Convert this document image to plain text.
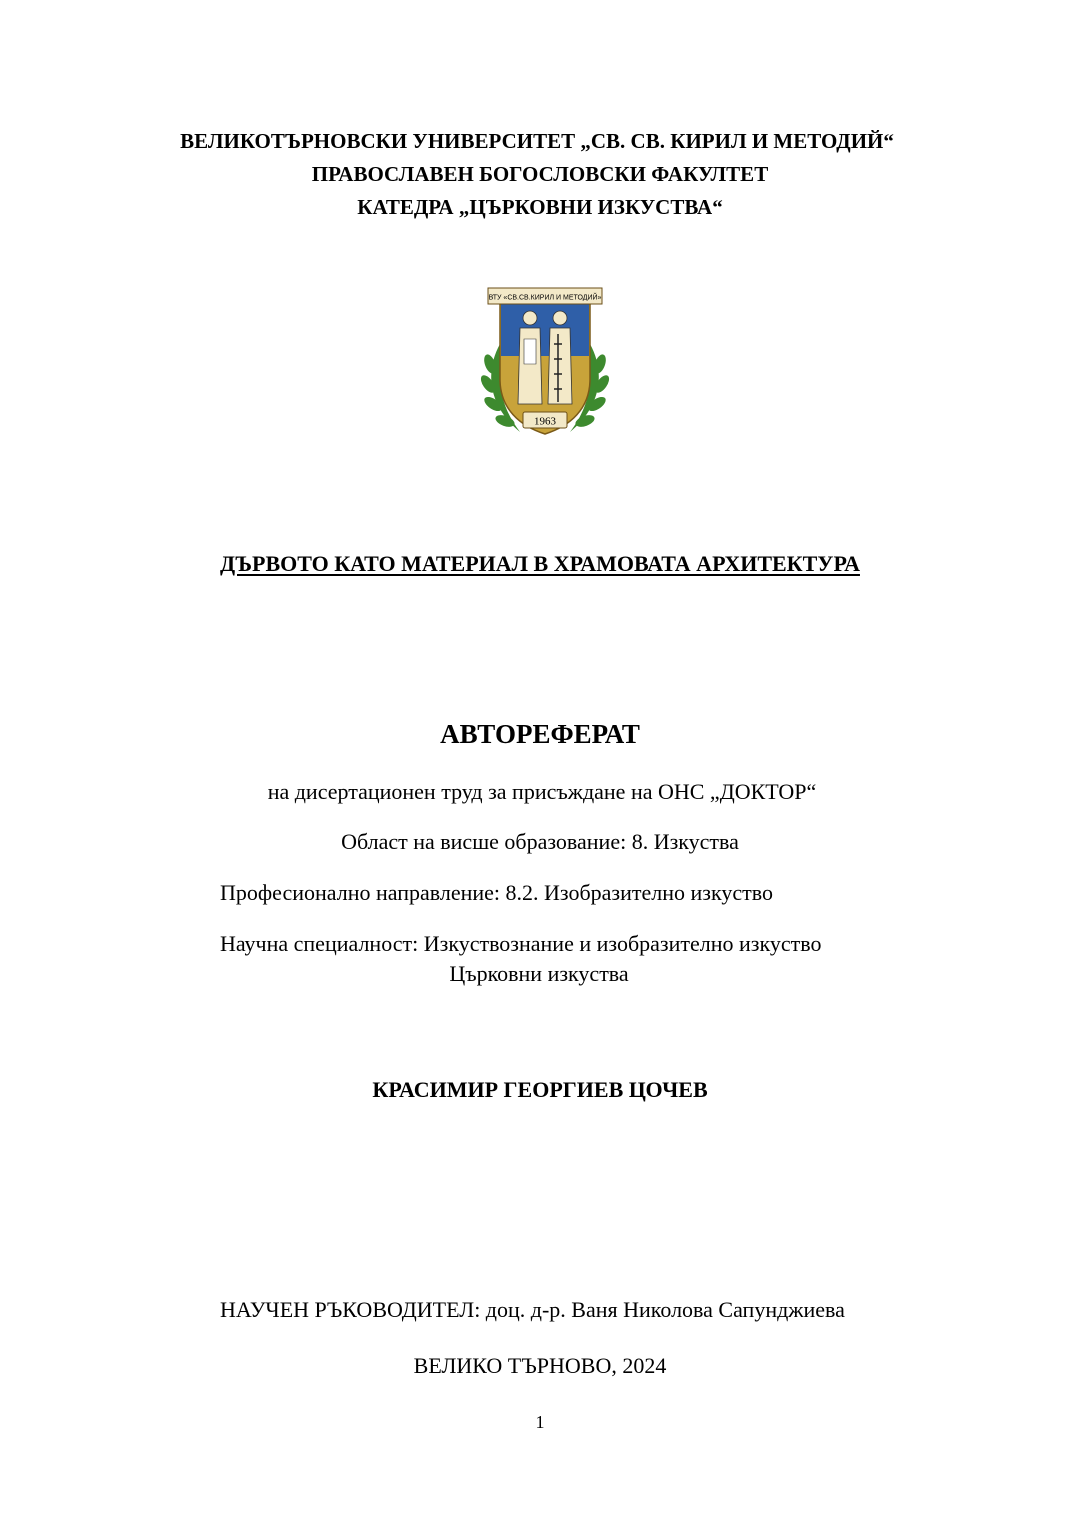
ВЕЛИКОТЪРНОВСКИ УНИВЕРСИТЕТ „СВ. СВ. КИРИЛ И МЕТОДИЙ“
ПРАВОСЛАВЕН БОГОСЛОВСКИ ФАКУЛТЕТ
КАТЕДРА „ЦЪРКОВНИ ИЗКУСТВА“
ВТУ «СВ.СВ.КИРИЛ И МЕТОДИЙ»
1963
ДЪРВОТО КАТО МАТЕРИАЛ В ХРАМОВАТА АРХИТЕКТУРА
АВТОРЕФЕРАТ
на дисертационен труд за присъждане на ОНС „ДОКТОР“
Област на висше образование: 8. Изкуства
Професионално направление: 8.2. Изобразително изкуство
Научна специалност: Изкуствознание и изобразително изкуство
Църковни изкуства
КРАСИМИР ГЕОРГИЕВ ЦОЧЕВ
НАУЧЕН РЪКОВОДИТЕЛ: доц. д-р. Ваня Николова Сапунджиева
ВЕЛИКО ТЪРНОВО, 2024
1
